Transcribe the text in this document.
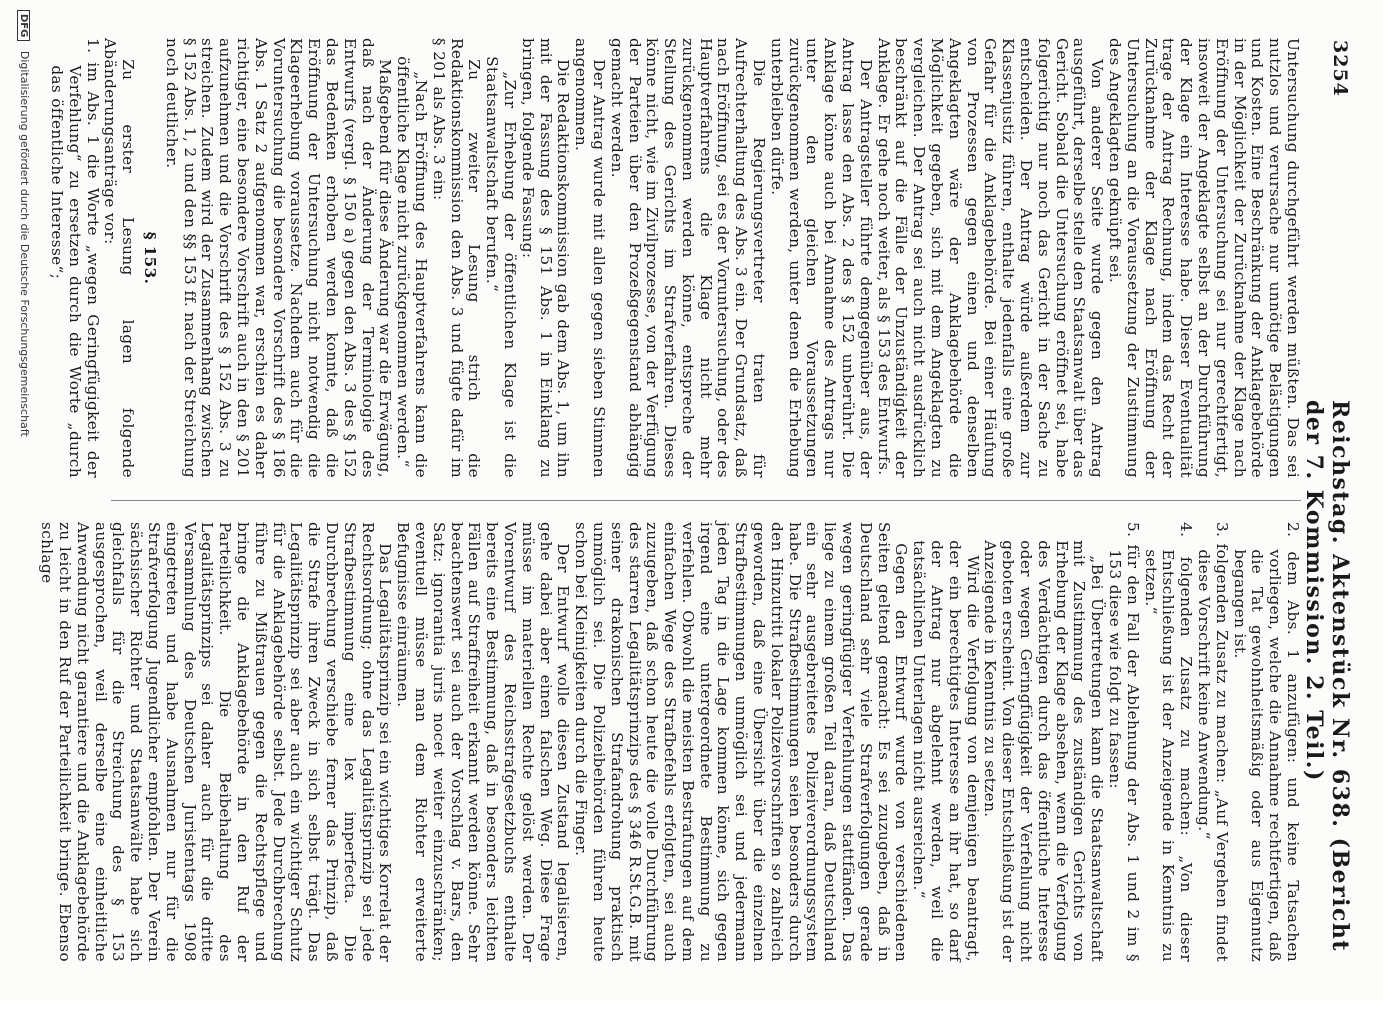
3254
Reichstag. Aktenstück Nr. 638. (Bericht der 7. Kommission. 2. Teil.)

Untersuchung durchgeführt werden müßten. Das sei nutzlos und verursache nur unnötige Belästigungen und Kosten. Eine Beschränkung der Anklagebehörde in der Möglichkeit der Zurücknahme der Klage nach Eröffnung der Untersuchung sei nur gerechtfertigt, insoweit der Angeklagte selbst an der Durchführung der Klage ein Interesse habe. Dieser Eventualität trage der Antrag Rechnung, indem das Recht der Zurücknahme der Klage nach Eröffnung der Untersuchung an die Voraussetzung der Zustimmung des Angeklagten geknüpft sei.

Von anderer Seite wurde gegen den Antrag ausgeführt, derselbe stelle den Staatsanwalt über das Gericht. Sobald die Untersuchung eröffnet sei, habe folgerichtig nur noch das Gericht in der Sache zu entscheiden. Der Antrag würde außerdem zur Klassenjustiz führen, enthalte jedenfalls eine große Gefahr für die Anklagebehörde. Bei einer Häufung von Prozessen gegen einen und denselben Angeklagten wäre der Anklagebehörde die Möglichkeit gegeben, sich mit dem Angeklagten zu vergleichen. Der Antrag sei auch nicht ausdrücklich beschränkt auf die Fälle der Unzuständigkeit der Anklage. Er gehe noch weiter, als § 153 des Entwurfs.

Der Antragsteller führte demgegenüber aus, der Antrag lasse den Abs. 2 des § 152 unberührt. Die Anklage könne auch bei Annahme des Antrags nur unter den gleichen Voraussetzungen zurückgenommen werden, unter denen die Erhebung unterbleiben dürfe.

Die Regierungsvertreter traten für Aufrechterhaltung des Abs. 3 ein. Der Grundsatz, daß nach Eröffnung, sei es der Voruntersuchung, oder des Hauptverfahrens die Klage nicht mehr zurückgenommen werden könne, entspreche der Stellung des Gerichts im Strafverfahren. Dieses könne nicht, wie im Zivilprozesse, von der Verfügung der Parteien über den Prozeßgegenstand abhängig gemacht werden.

Der Antrag wurde mit allen gegen sieben Stimmen angenommen.

Die Redaktionskommission gab dem Abs. 1, um ihn mit der Fassung des § 151 Abs. 1 in Einklang zu bringen, folgende Fassung:

„Zur Erhebung der öffentlichen Klage ist die Staatsanwaltschaft berufen.“

Zu zweiter Lesung strich die Redaktionskommission den Abs. 3 und fügte dafür im § 201 als Abs. 3 ein:

„Nach Eröffnung des Hauptverfahrens kann die öffentliche Klage nicht zurückgenommen werden.“

Maßgebend für diese Änderung war die Erwägung, daß nach der Änderung der Terminologie des Entwurfs (vergl. § 150 a) gegen den Abs. 3 des § 152 das Bedenken erhoben werden konnte, daß die Eröffnung der Untersuchung nicht notwendig die Klageerhebung voraussetze. Nachdem auch für die Voruntersuchung die besondere Vorschrift des § 186 Abs. 1 Satz 2 aufgenommen war, erschien es daher richtiger, eine besondere Vorschrift auch in den § 201 aufzunehmen und die Vorschrift des § 152 Abs. 3 zu streichen. Zudem wird der Zusammenhang zwischen § 152 Abs. 1, 2 und den §§ 153 ff. nach der Streichung noch deutlicher.

§ 153.

Zu erster Lesung lagen folgende Abänderungsanträge vor:

1. im Abs. 1 die Worte „wegen Geringfügigkeit der Verfehlung“ zu ersetzen durch die Worte „durch das öffentliche Interesse“;

2. dem Abs. 1 anzufügen: und keine Tatsachen vorliegen, welche die Annahme rechtfertigen, daß die Tat gewohnheitsmäßig oder aus Eigennutz begangen ist.

3. folgenden Zusatz zu machen: „Auf Vergehen findet diese Vorschrift keine Anwendung.“

4. folgenden Zusatz zu machen: „Von dieser Entschließung ist der Anzeigende in Kenntnis zu setzen.“

5. für den Fall der Ablehnung der Abs. 1 und 2 im § 153 diese wie folgt zu fassen:

„Bei Übertretungen kann die Staatsanwaltschaft mit Zustimmung des zuständigen Gerichts von Erhebung der Klage absehen, wenn die Verfolgung des Verdächtigen durch das öffentliche Interesse oder wegen Geringfügigkeit der Verfehlung nicht geboten erscheint. Von dieser Entschließung ist der Anzeigende in Kenntnis zu setzen.

Wird die Verfolgung von demjenigen beantragt, der ein berechtigtes Interesse an ihr hat, so darf der Antrag nur abgelehnt werden, weil die tatsächlichen Unterlagen nicht ausreichen.“

Gegen den Entwurf wurde von verschiedenen Seiten geltend gemacht: Es sei zuzugeben, daß in Deutschland sehr viele Strafverfolgungen gerade wegen geringfügiger Verfehlungen stattfänden. Das liege zu einem großen Teil daran, daß Deutschland ein sehr ausgebreitetes Polizeiverordnungssystem habe. Die Strafbestimmungen seien besonders durch den Hinzutritt lokaler Polizeivorschriften so zahlreich geworden, daß eine Übersicht über die einzelnen Strafbestimmungen unmöglich sei und jedermann jeden Tag in die Lage kommen könne, sich gegen irgend eine untergeordnete Bestimmung zu verfehlen. Obwohl die meisten Bestrafungen auf dem einfachen Wege des Strafbefehls erfolgten, sei auch zuzugeben, daß schon heute die volle Durchführung des starren Legalitätsprinzips des § 346 R.St.G.B. mit seiner drakonischen Strafandrohung praktisch unmöglich sei. Die Polizeibehörden führen heute schon bei Kleinigkeiten durch die Finger.

Der Entwurf wolle diesen Zustand legalisieren, gehe dabei aber einen falschen Weg. Diese Frage müsse im materiellen Rechte gelöst werden. Der Vorentwurf des Reichsstrafgesetzbuchs enthalte bereits eine Bestimmung, daß in besonders leichten Fällen auf Straffreiheit erkannt werden könne. Sehr beachtenswert sei auch der Vorschlag v. Bars, den Satz: ignorantia juris nocet weiter einzuschränken; eventuell müsse man dem Richter erweiterte Befugnisse einräumen.

Das Legalitätsprinzip sei ein wichtiges Korrelat der Rechtsordnung; ohne das Legalitätsprinzip sei jede Strafbestimmung eine lex imperfecta. Die Durchbrechung verschiebe ferner das Prinzip, daß die Strafe ihren Zweck in sich selbst trägt. Das Legalitätsprinzip sei aber auch ein wichtiger Schutz für die Anklagebehörde selbst. Jede Durchbrechung führe zu Mißtrauen gegen die Rechtspflege und bringe die Anklagebehörde in den Ruf der Parteilichkeit. Die Beibehaltung des Legalitätsprinzips sei daher auch für die dritte Versammlung des Deutschen Juristentags 1908 eingetreten und habe Ausnahmen nur für die Strafverfolgung Jugendlicher empfohlen. Der Verein sächsischer Richter und Staatsanwälte habe sich gleichfalls für die Streichung des § 153 ausgesprochen, weil derselbe eine einheitliche Anwendung nicht garantiere und die Anklagebehörde zu leicht in den Ruf der Parteilichkeit bringe. Ebenso schlage

DFG Digitalisierung gefördert durch die Deutsche Forschungsgemeinschaft
